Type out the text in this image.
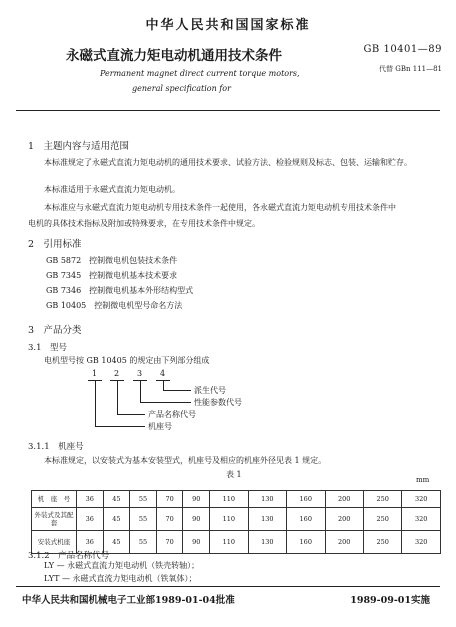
中华人民共和国国家标准
永磁式直流力矩电动机通用技术条件	GB 10401—89
代替 GBn 111—81
Permanent magnet direct current torque motors,
general specification for
1　主题内容与适用范围
本标准规定了永磁式直流力矩电动机的通用技术要求、试验方法、检验规则及标志、包装、运输和贮存。
本标准适用于永磁式直流力矩电动机。
本标准应与永磁式直流力矩电动机专用技术条件一起使用，各永磁式直流力矩电动机专用技术条件中
电机的具体技术指标及附加或特殊要求，在专用技术条件中规定。
2　引用标准
GB 5872　控制微电机包装技术条件
GB 7345　控制微电机基本技术要求
GB 7346　控制微电机基本外形结构型式
GB 10405　控制微电机型号命名方法
3　产品分类
3.1　型号
电机型号按 GB 10405 的规定由下列部分组成
1 2 3 4
派生代号
性能参数代号
产品名称代号
机座号
3.1.1　机座号
本标准规定，以安装式为基本安装型式，机座号及相应的机座外径见表 1 规定。
表 1
mm
机　座　号	36	45	55	70	90	110	130	160	200	250	320
外装式及其配套	36	45	55	70	90	110	130	160	200	250	320
安装式机座	36	45	55	70	90	110	130	160	200	250	320
3.1.2　产品名称代号
LY — 永磁式直流力矩电动机（铁壳转轴）；
LYT — 永磁式直流力矩电动机（铁氧体）；
中华人民共和国机械电子工业部1989-01-04批准	1989-09-01实施
